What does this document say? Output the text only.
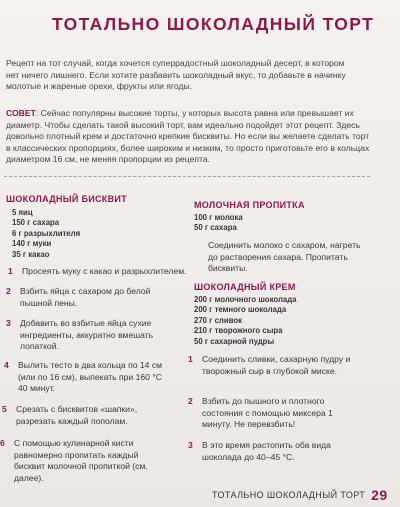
ТОТАЛЬНО ШОКОЛАДНЫЙ ТОРТ
Рецепт на тот случай, когда хочется суперрадостный шоколадный десерт, в котором нет ничего лишнего. Если хотите разбавить шоколадный вкус, то добавьте в начинку молотые и жареные орехи, фрукты или ягоды.
СОВЕТ: Сейчас популярны высокие торты, у которых высота равна или превышает их диаметр. Чтобы сделать такой высокий торт, вам идеально подойдет этот рецепт. Здесь довольно плотный крем и достаточно крепкие бисквиты. Но если вы желаете сделать торт в классических пропорциях, более широким и низким, то просто приготовьте его в кольцах диаметром 16 см, не меняя пропорции из рецепта.
ШОКОЛАДНЫЙ БИСКВИТ
5 яиц
150 г сахара
6 г разрыхлителя
140 г муки
35 г какао
1	Просеять муку с какао и разрыхлителем.
2	Взбить яйца с сахаром до белой пышной пены.
3	Добавить во взбитые яйца сухие ингредиенты, аккуратно вмешать лопаткой.
4	Вылить тесто в два кольца по 14 см (или по 16 см), выпекать при 160 °С 40 минут.
5	Срезать с бисквитов «шапки», разрезать каждый пополам.
6	С помощью кулинарной кисти равномерно пропитать каждый бисквит молочной пропиткой (см. далее).
МОЛОЧНАЯ ПРОПИТКА
100 г молока
50 г сахара
Соединить молоко с сахаром, нагреть до растворения сахара. Пропитать бисквиты.
ШОКОЛАДНЫЙ КРЕМ
200 г молочного шоколада
200 г темного шоколада
270 г сливок
210 г творожного сыра
50 г сахарной пудры
1	Соединить сливки, сахарную пудру и творожный сыр в глубокой миске.
2	Взбить до пышного и плотного состояния с помощью миксера 1 минуту. Не перевзбить!
3	В это время растопить оба вида шоколада до 40–45 °С.
ТОТАЛЬНО ШОКОЛАДНЫЙ ТОРТ 29
